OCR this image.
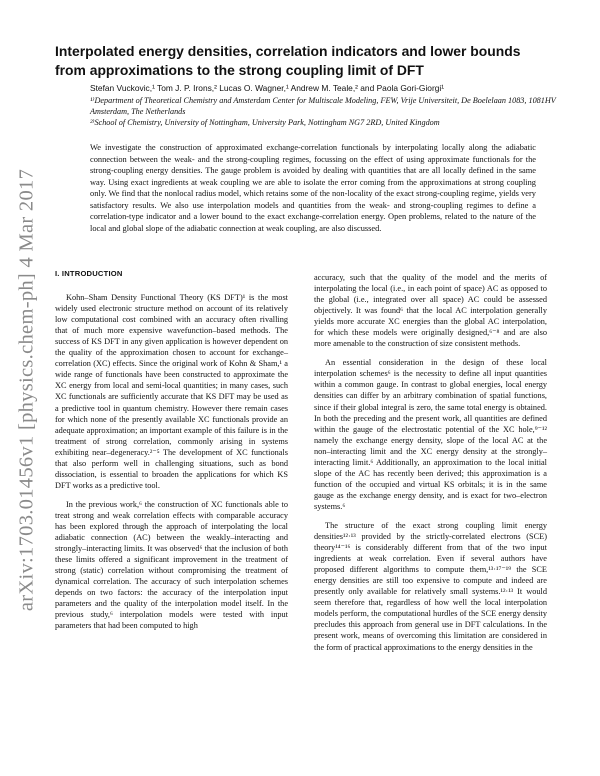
arXiv:1703.01456v1 [physics.chem-ph] 4 Mar 2017
Interpolated energy densities, correlation indicators and lower bounds from approximations to the strong coupling limit of DFT
Stefan Vuckovic,¹ Tom J. P. Irons,² Lucas O. Wagner,¹ Andrew M. Teale,² and Paola Gori-Giorgi¹
¹⁾Department of Theoretical Chemistry and Amsterdam Center for Multiscale Modeling, FEW, Vrije Universiteit, De Boelelaan 1083, 1081HV Amsterdam, The Netherlands
²⁾School of Chemistry, University of Nottingham, University Park, Nottingham NG7 2RD, United Kingdom

We investigate the construction of approximated exchange-correlation functionals by interpolating locally along the adiabatic connection between the weak- and the strong-coupling regimes, focussing on the effect of using approximate functionals for the strong-coupling energy densities. The gauge problem is avoided by dealing with quantities that are all locally defined in the same way. Using exact ingredients at weak coupling we are able to isolate the error coming from the approximations at strong coupling only. We find that the nonlocal radius model, which retains some of the non-locality of the exact strong-coupling regime, yields very satisfactory results. We also use interpolation models and quantities from the weak- and strong-coupling regimes to define a correlation-type indicator and a lower bound to the exact exchange-correlation energy. Open problems, related to the nature of the local and global slope of the adiabatic connection at weak coupling, are also discussed.

I. INTRODUCTION

Kohn–Sham Density Functional Theory (KS DFT)¹ is the most widely used electronic structure method on account of its relatively low computational cost combined with an accuracy often rivalling that of much more expensive wavefunction–based methods. The success of KS DFT in any given application is however dependent on the quality of the approximation chosen to account for exchange–correlation (XC) effects. Since the original work of Kohn & Sham,¹ a wide range of functionals have been constructed to approximate the XC energy from local and semi-local quantities; in many cases, such XC functionals are sufficiently accurate that KS DFT may be used as a predictive tool in quantum chemistry. However there remain cases for which none of the presently available XC functionals provide an adequate approximation; an important example of this failure is in the treatment of strong correlation, commonly arising in systems exhibiting near–degeneracy.²⁻⁵ The development of XC functionals that also perform well in challenging situations, such as bond dissociation, is essential to broaden the applications for which KS DFT works as a predictive tool.

In the previous work,⁶ the construction of XC functionals able to treat strong and weak correlation effects with comparable accuracy has been explored through the approach of interpolating the local adiabatic connection (AC) between the weakly–interacting and strongly–interacting limits. It was observed⁶ that the inclusion of both these limits offered a significant improvement in the treatment of strong (static) correlation without compromising the treatment of dynamical correlation. The accuracy of such interpolation schemes depends on two factors: the accuracy of the interpolation input parameters and the quality of the interpolation model itself. In the previous study,⁶ interpolation models were tested with input parameters that had been computed to high

accuracy, such that the quality of the model and the merits of interpolating the local (i.e., in each point of space) AC as opposed to the global (i.e., integrated over all space) AC could be assessed objectively. It was found⁶ that the local AC interpolation generally yields more accurate XC energies than the global AC interpolation, for which these models were originally designed,⁶⁻⁸ and are also more amenable to the construction of size consistent methods.

An essential consideration in the design of these local interpolation schemes⁶ is the necessity to define all input quantities within a common gauge. In contrast to global energies, local energy densities can differ by an arbitrary combination of spatial functions, since if their global integral is zero, the same total energy is obtained. In both the preceding and the present work, all quantities are defined within the gauge of the electrostatic potential of the XC hole,⁹⁻¹² namely the exchange energy density, slope of the local AC at the non–interacting limit and the XC energy density at the strongly–interacting limit.⁶ Additionally, an approximation to the local initial slope of the AC has recently been derived; this approximation is a function of the occupied and virtual KS orbitals; it is in the same gauge as the exchange energy density, and is exact for two–electron systems.⁶

The structure of the exact strong coupling limit energy densities¹²·¹³ provided by the strictly-correlated electrons (SCE) theory¹⁴⁻¹⁶ is considerably different from that of the two input ingredients at weak correlation. Even if several authors have proposed different algorithms to compute them,¹³·¹⁷⁻¹⁹ the SCE energy densities are still too expensive to compute and indeed are presently only available for relatively small systems.¹²·¹³ It would seem therefore that, regardless of how well the local interpolation models perform, the computational hurdles of the SCE energy density precludes this approach from general use in DFT calculations. In the present work, means of overcoming this limitation are considered in the form of practical approximations to the energy densities in the
